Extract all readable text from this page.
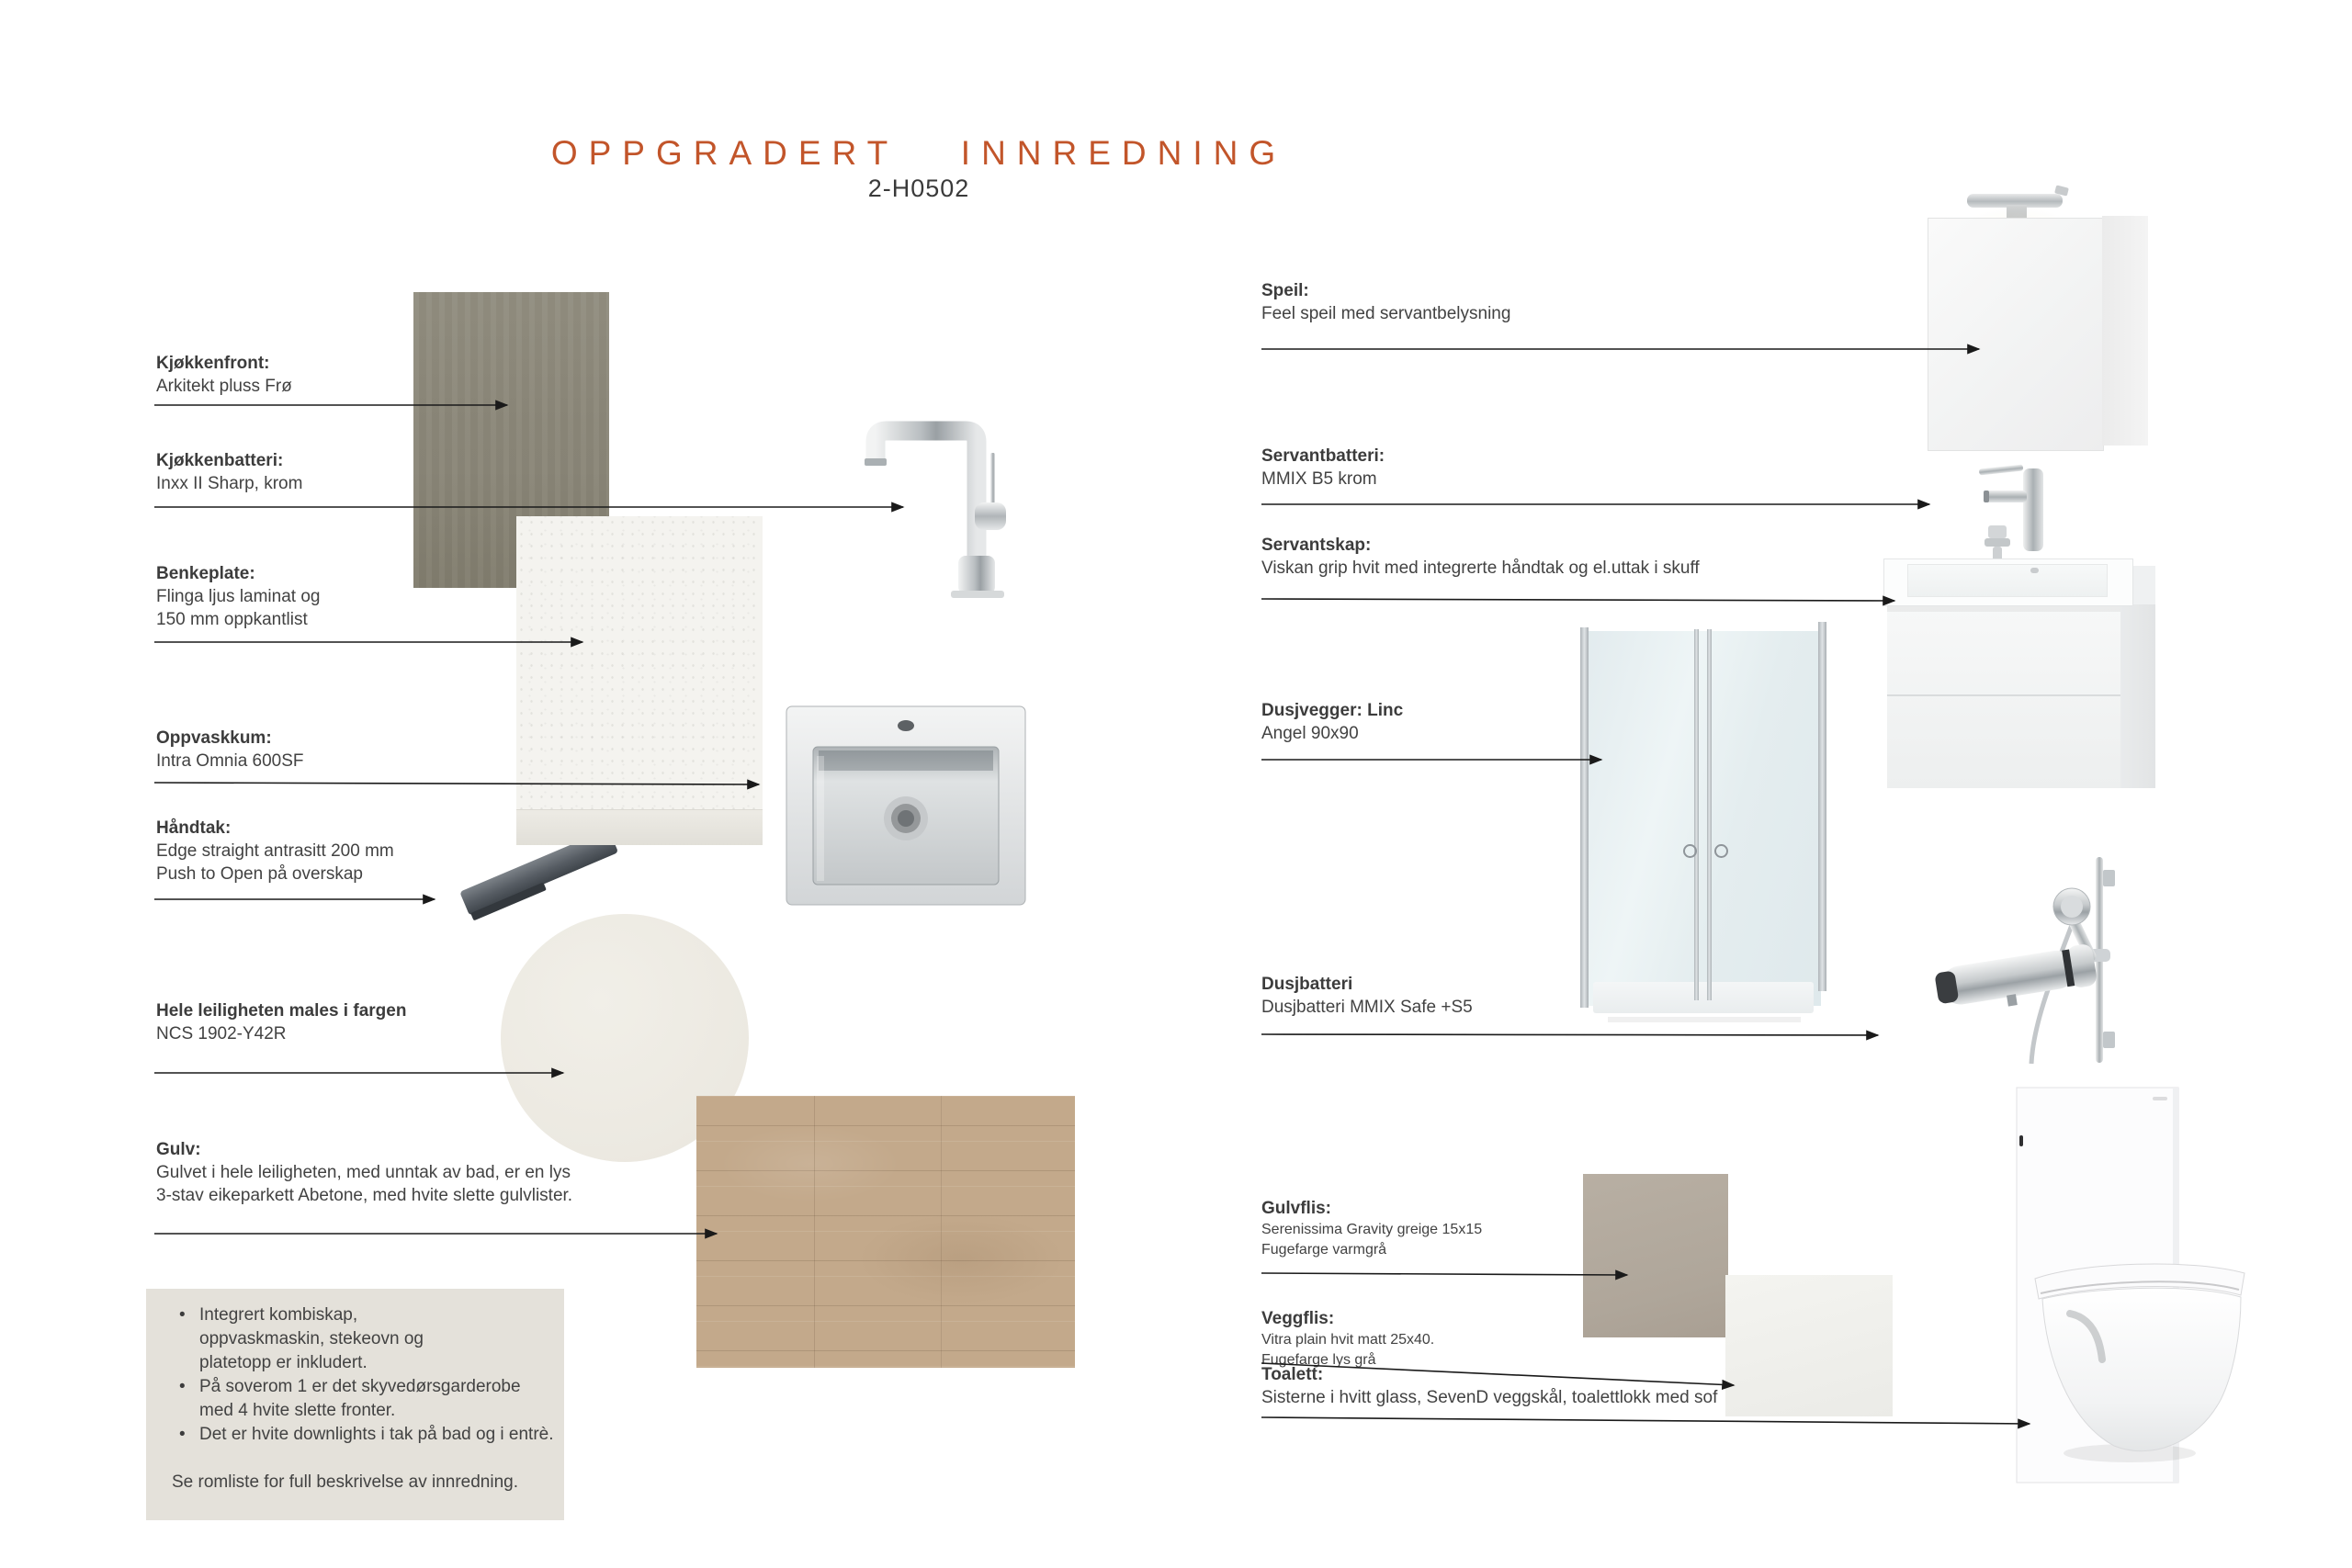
OPPGRADERT INNREDNING
2-H0502
Kjøkkenfront:
Arkitekt pluss Frø
Kjøkkenbatteri:
Inxx II Sharp, krom
Benkeplate:
Flinga ljus laminat og
150 mm oppkantlist
Oppvaskkum:
Intra Omnia 600SF
Håndtak:
Edge straight antrasitt 200 mm
Push to Open på overskap
Hele leiligheten males i fargen
NCS 1902-Y42R
Gulv:
Gulvet i hele leiligheten, med unntak av bad, er en lys
3-stav eikeparkett Abetone, med hvite slette gulvlister.
Speil:
Feel speil med servantbelysning
Servantbatteri:
MMIX B5 krom
Servantskap:
Viskan grip hvit med integrerte håndtak og el.uttak i skuff
Dusjvegger: Linc
Angel 90x90
Dusjbatteri
Dusjbatteri MMIX Safe +S5
Gulvflis:
Serenissima Gravity greige 15x15
Fugefarge varmgrå
Veggflis:
Vitra plain hvit matt 25x40.
Fugefarge lys grå
Toalett:
Sisterne i hvitt glass, SevenD veggskål, toalettlokk med sof
• Integrert kombiskap,
oppvaskmaskin, stekeovn og
platetopp er inkludert.
• På soverom 1 er det skyvedørsgarderobe
med 4 hvite slette fronter.
• Det er hvite downlights i tak på bad og i entrè.
Se romliste for full beskrivelse av innredning.
